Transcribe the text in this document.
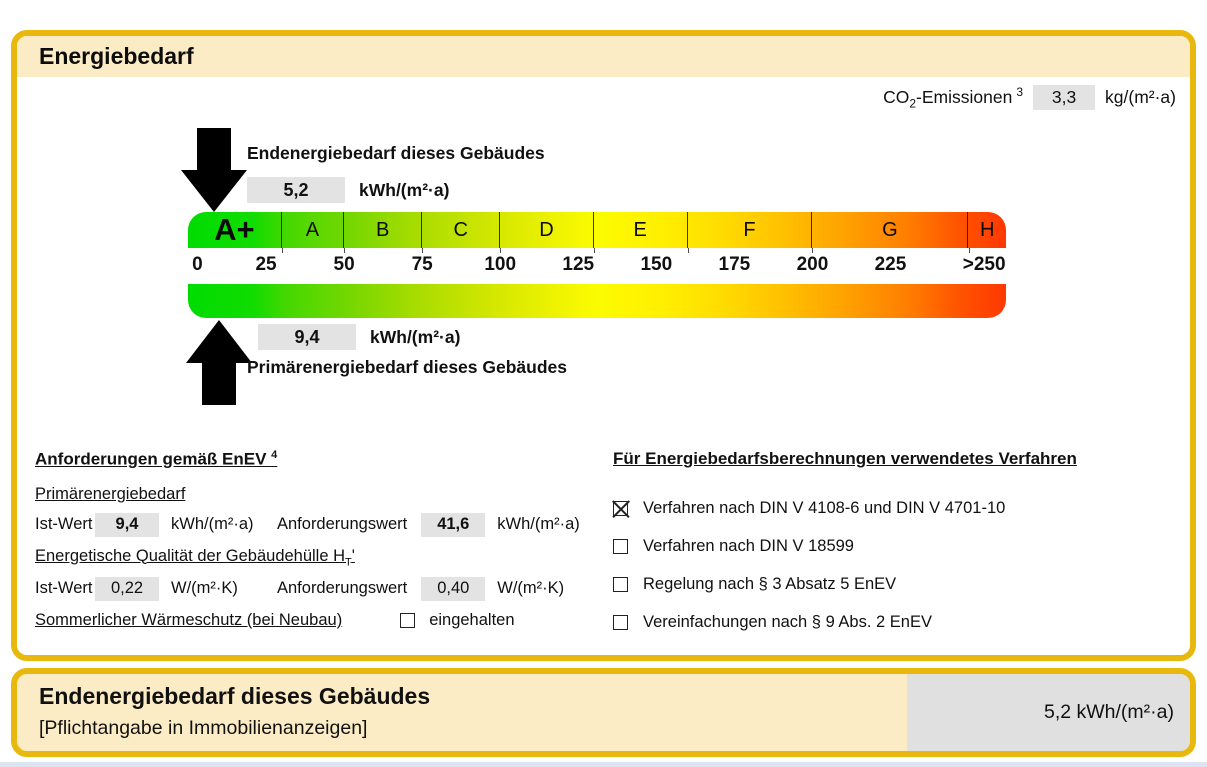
Energiebedarf
$CO_2$-Emissionen $^3$	3,3	kg/(m²·a)
Endenergiebedarf dieses Gebäudes
5,2	kWh/(m²·a)
A+	A	B	C	D	E	F	G	H
0	25	50	75	100 125 150 175 200 225	>250
9,4	kWh/(m²·a)
Primärenergiebedarf dieses Gebäudes
Anforderungen gemäß EnEV $^4$
Primärenergiebedarf
Ist-Wert	9,4	kWh/(m²·a)	Anforderungswert	41,6	kWh/(m²·a)
Energetische Qualität der Gebäudehülle $H_T'$
Ist-Wert	0,22	W/(m²·K)	Anforderungswert	0,40	W/(m²·K)
Sommerlicher Wärmeschutz (bei Neubau)	eingehalten
Für Energiebedarfsberechnungen verwendetes Verfahren
Verfahren nach DIN V 4108-6 und DIN V 4701-10
Verfahren nach DIN V 18599
Regelung nach § 3 Absatz 5 EnEV
Vereinfachungen nach § 9 Abs. 2 EnEV
Endenergiebedarf dieses Gebäudes
[Pflichtangabe in Immobilienanzeigen]
5,2 kWh/(m²·a)
